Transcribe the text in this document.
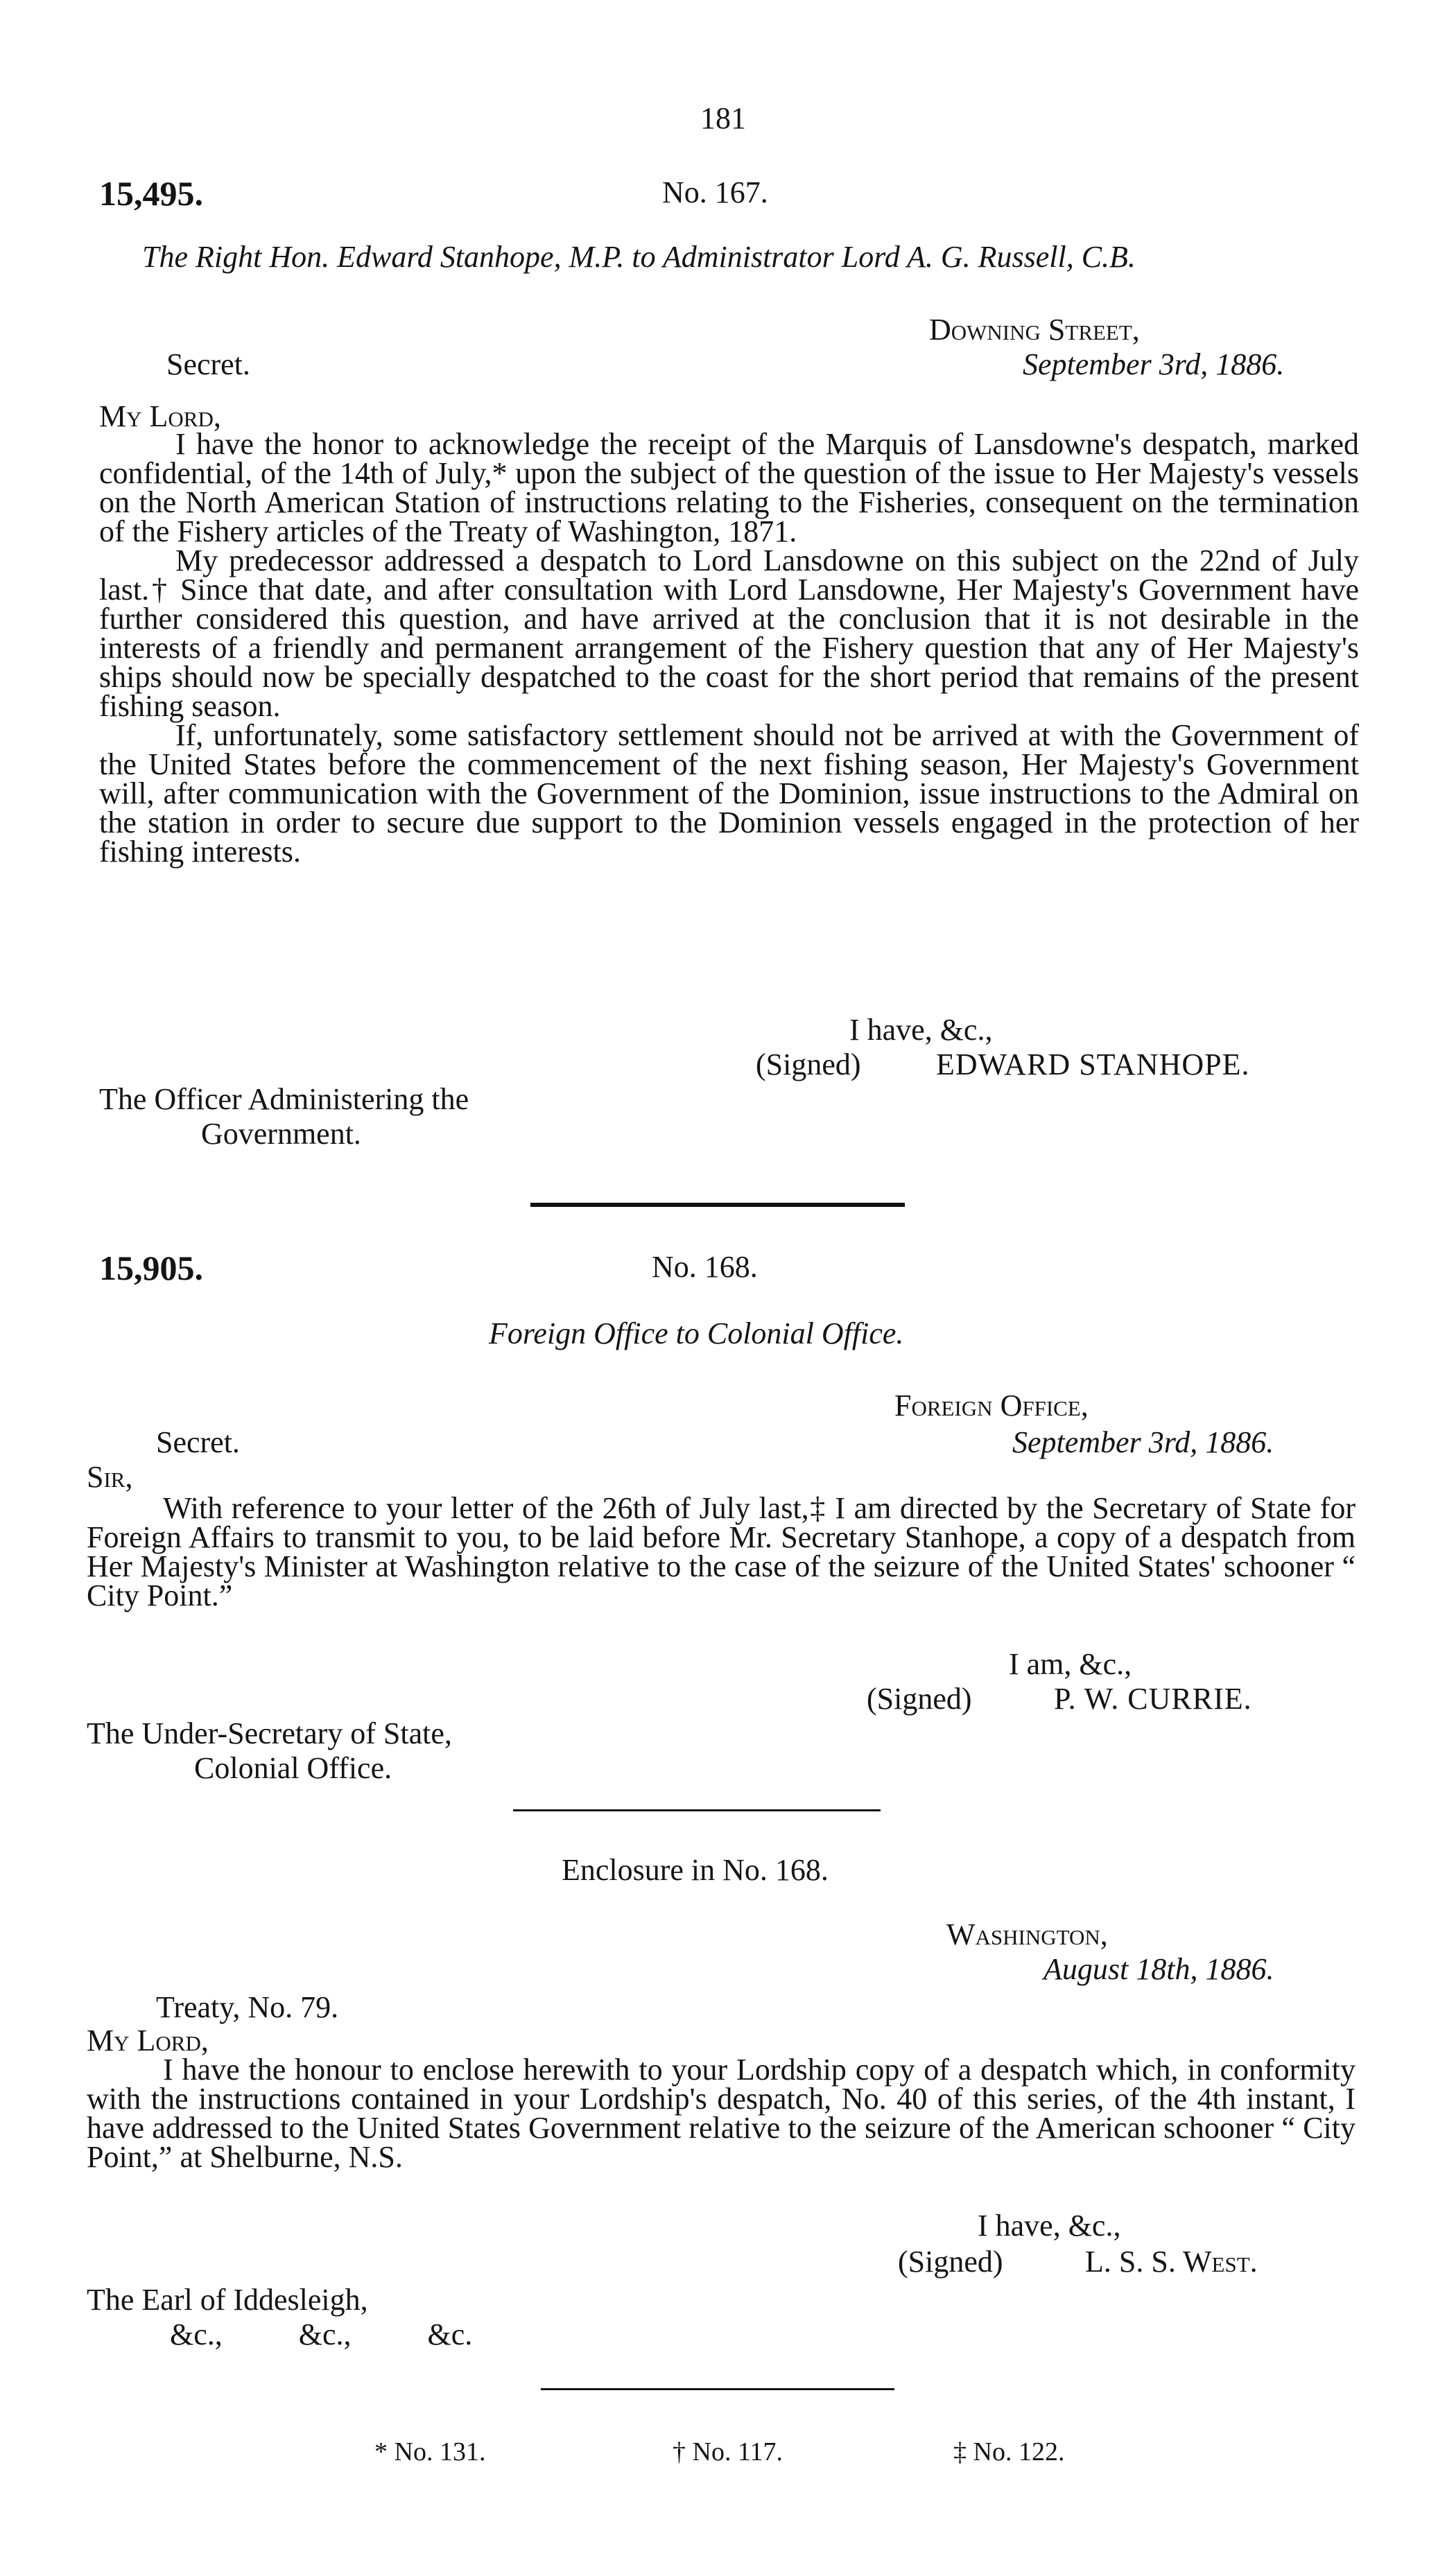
181
15,495.	No. 167.
The Right Hon. Edward Stanhope, M.P. to Administrator Lord A. G. Russell, C.B.
Downing Street,
Secret.	September 3rd, 1886.
My Lord,

I have the honor to acknowledge the receipt of the Marquis of Lansdowne's despatch, marked confidential, of the 14th of July,* upon the subject of the question of the issue to Her Majesty's vessels on the North American Station of instructions relating to the Fisheries, consequent on the termination of the Fishery articles of the Treaty of Washington, 1871.

My predecessor addressed a despatch to Lord Lansdowne on this subject on the 22nd of July last.† Since that date, and after consultation with Lord Lansdowne, Her Majesty's Government have further considered this question, and have arrived at the conclusion that it is not desirable in the interests of a friendly and permanent arrangement of the Fishery question that any of Her Majesty's ships should now be specially despatched to the coast for the short period that remains of the present fishing season.

If, unfortunately, some satisfactory settlement should not be arrived at with the Government of the United States before the commencement of the next fishing season, Her Majesty's Government will, after communication with the Government of the Dominion, issue instructions to the Admiral on the station in order to secure due support to the Dominion vessels engaged in the protection of her fishing interests.

I have, &c.,
(Signed) EDWARD STANHOPE.
The Officer Administering the
Government.
15,905.	No. 168.
Foreign Office to Colonial Office.
Foreign Office,
Secret.	September 3rd, 1886.
Sir,

With reference to your letter of the 26th of July last,‡ I am directed by the Secretary of State for Foreign Affairs to transmit to you, to be laid before Mr. Secretary Stanhope, a copy of a despatch from Her Majesty's Minister at Washington relative to the case of the seizure of the United States' schooner “ City Point.”

I am, &c.,
(Signed)	P. W. CURRIE.
The Under-Secretary of State,
Colonial Office.
Enclosure in No. 168.
Washington,
August 18th, 1886.
Treaty, No. 79.
My Lord,

I have the honour to enclose herewith to your Lordship copy of a despatch which, in conformity with the instructions contained in your Lordship's despatch, No. 40 of this series, of the 4th instant, I have addressed to the United States Government relative to the seizure of the American schooner “ City Point,” at Shelburne, N.S.

I have, &c.,
(Signed)	L. S. S. West.
The Earl of Iddesleigh,
&c.,          &c.,          &c.
* No. 131.	† No. 117.	‡ No. 122.
